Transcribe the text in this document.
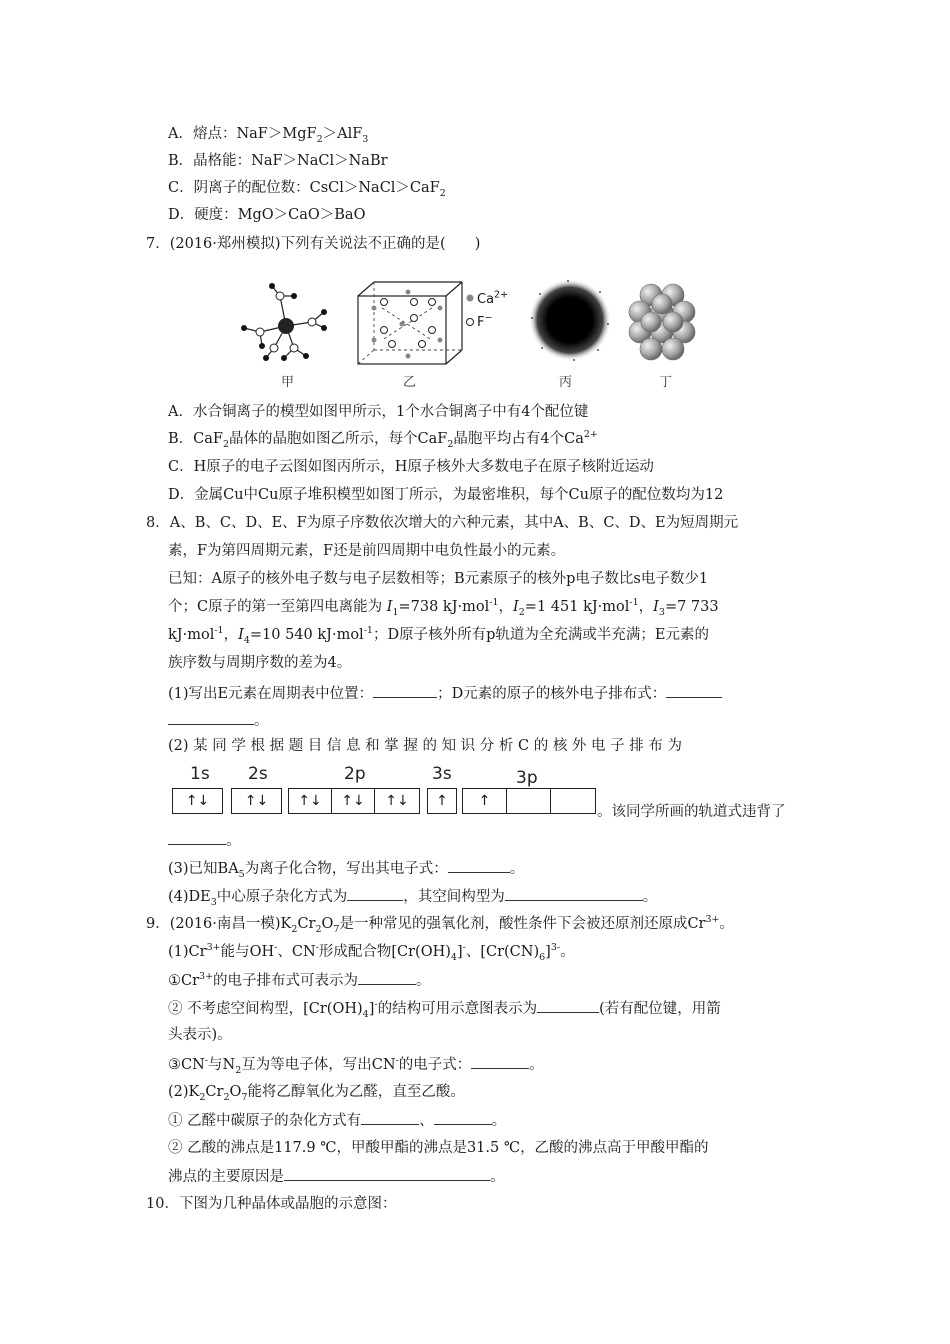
A．熔点：NaF＞MgF$_2$＞AlF$_3$
B．晶格能：NaF＞NaCl＞NaBr
C．阴离子的配位数：CsCl＞NaCl＞CaF$_2$
D．硬度：MgO＞CaO＞BaO
7．(2016·郑州模拟)下列有关说法不正确的是(　　)
$Ca^{2+}$
F−
甲	乙	丙	丁
A．水合铜离子的模型如图甲所示，1个水合铜离子中有4个配位键
B．CaF$_2$晶体的晶胞如图乙所示，每个CaF$_2$晶胞平均占有4个$Ca^{2+}$
C．H原子的电子云图如图丙所示，H原子核外大多数电子在原子核附近运动
D．金属Cu中Cu原子堆积模型如图丁所示，为最密堆积，每个Cu原子的配位数均为12
8．A、B、C、D、E、F为原子序数依次增大的六种元素，其中A、B、C、D、E为短周期元
素，F为第四周期元素，F还是前四周期中电负性最小的元素。
已知：A原子的核外电子数与电子层数相等；B元素原子的核外p电子数比s电子数少1
个；C原子的第一至第四电离能为 $I_1=738$ kJ·mol$^{-1}$，$I_2=1$ 451 kJ·mol$^{-1}$，$I_3=7$ 733
kJ·mol$^{-1}$，$I_4=10$ 540 kJ·mol$^{-1}$；D原子核外所有p轨道为全充满或半充满；E元素的
族序数与周期序数的差为4。
(1)写出E元素在周期表中位置：	；D元素的原子的核外电子排布式：
。
(2) 某 同 学 根 据 题 目 信 息 和 掌 握 的 知 识 分 析 C 的 核 外 电 子 排 布 为
1s 2s	2p	3s	3p
↑↓	↑↓	↑↓	↑↓	↑↓	↑	↑
。该同学所画的轨道式违背了
。
(3)已知$BA_5$为离子化合物，写出其电子式：	。
$(4)DE_3$中心原子杂化方式为	，其空间构型为	。
9．(2016·南昌一模)$K_2Cr_2O_7$是一种常见的强氧化剂，酸性条件下会被还原剂还原成$Cr^{3+}$。
$(1)Cr^{3+}$能与OH-、CN-形成配合物$[Cr(OH)_4]^-$、$[Cr(CN)_6]^{3-}$。
$①Cr^{3+}$的电子排布式可表示为	。
② 不考虑空间构型，$[Cr(OH)_4]^-$的结构可用示意图表示为	(若有配位键，用箭
头表示)。
③CN-与$N_2$互为等电子体，写出CN-的电子式：	。
$(2)K_2Cr_2O_7$能将乙醇氧化为乙醛，直至乙酸。
① 乙醛中碳原子的杂化方式有	、	。
② 乙酸的沸点是117.9 ℃，甲酸甲酯的沸点是31.5 ℃，乙酸的沸点高于甲酸甲酯的
沸点的主要原因是	。
10．下图为几种晶体或晶胞的示意图：
